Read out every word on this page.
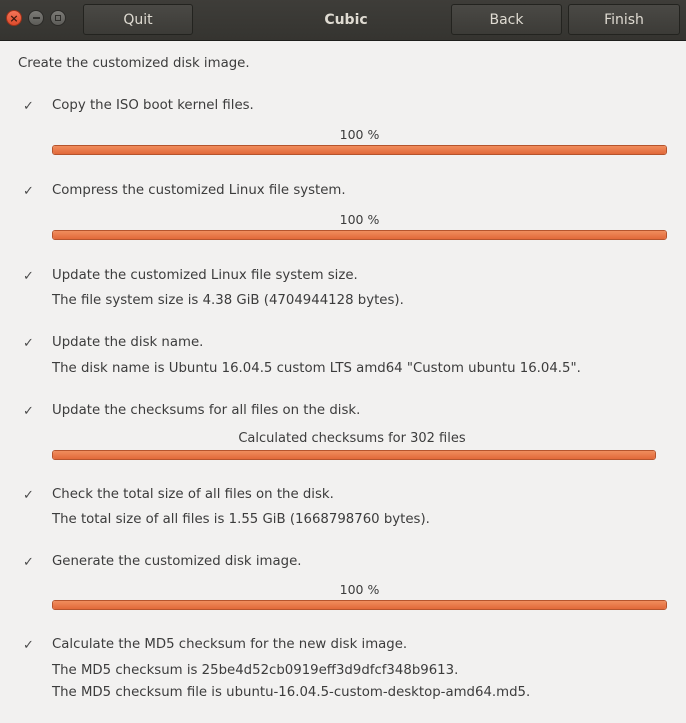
×	Quit	Cubic	Back	Finish
Create the customized disk image.
✓ Copy the ISO boot kernel files.
100 %
✓ Compress the customized Linux file system.
100 %
✓ Update the customized Linux file system size.
The file system size is 4.38 GiB (4704944128 bytes).
✓ Update the disk name.
The disk name is Ubuntu 16.04.5 custom LTS amd64 "Custom ubuntu 16.04.5".
✓ Update the checksums for all files on the disk.
Calculated checksums for 302 files
✓ Check the total size of all files on the disk.
The total size of all files is 1.55 GiB (1668798760 bytes).
✓ Generate the customized disk image.
100 %
✓ Calculate the MD5 checksum for the new disk image.
The MD5 checksum is 25be4d52cb0919eff3d9dfcf348b9613.
The MD5 checksum file is ubuntu-16.04.5-custom-desktop-amd64.md5.
